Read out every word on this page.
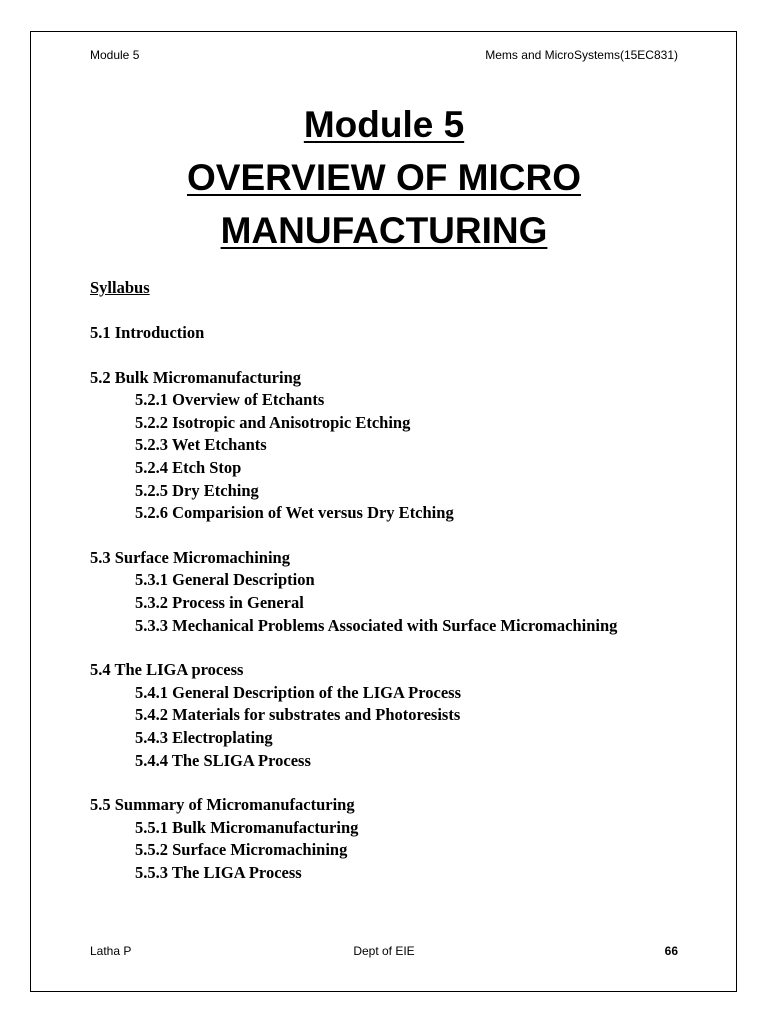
Module 5	Mems and MicroSystems(15EC831)
Module 5
OVERVIEW OF MICRO
MANUFACTURING
Syllabus
5.1 Introduction
5.2 Bulk Micromanufacturing
5.2.1 Overview of Etchants
5.2.2 Isotropic and Anisotropic Etching
5.2.3 Wet Etchants
5.2.4 Etch Stop
5.2.5 Dry Etching
5.2.6 Comparision of Wet versus Dry Etching
5.3 Surface Micromachining
5.3.1 General Description
5.3.2 Process in General
5.3.3 Mechanical Problems Associated with Surface Micromachining
5.4 The LIGA process
5.4.1 General Description of the LIGA Process
5.4.2 Materials for substrates and Photoresists
5.4.3 Electroplating
5.4.4 The SLIGA Process
5.5 Summary of Micromanufacturing
5.5.1 Bulk Micromanufacturing
5.5.2 Surface Micromachining
5.5.3 The LIGA Process
Latha P	Dept of EIE	66
